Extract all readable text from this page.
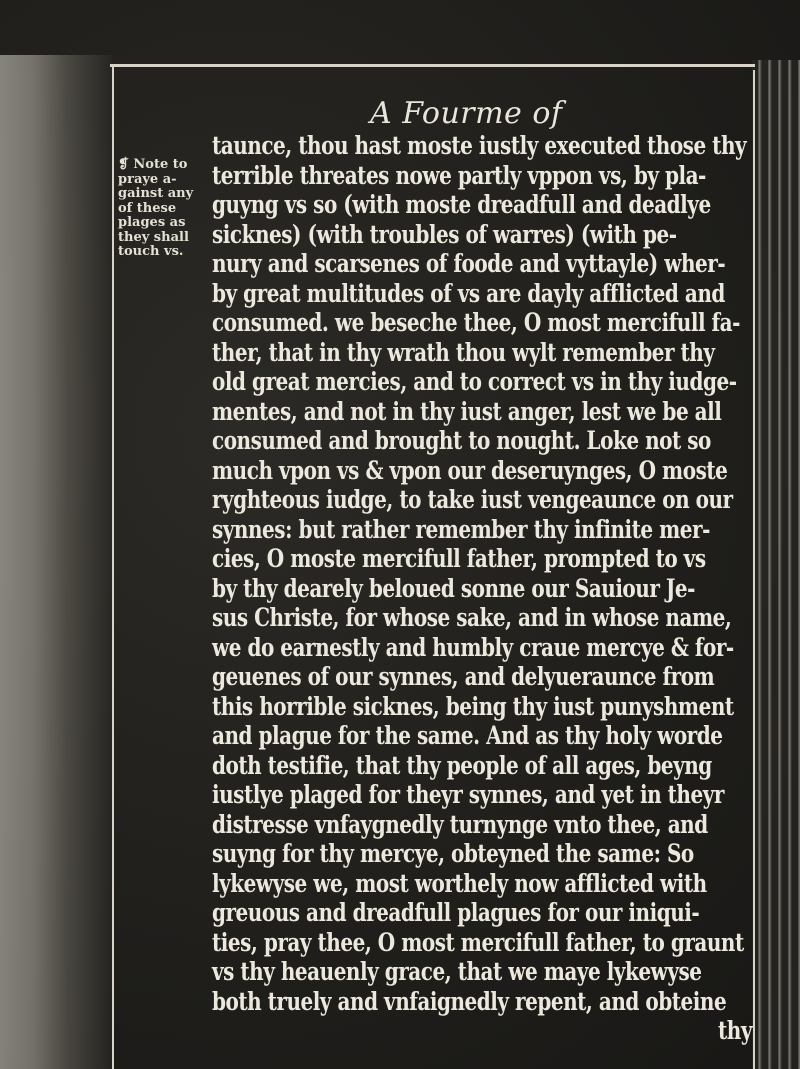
A Fourme of
❡ Note to
praye a-
gainst any
of these
plages as
they shall
touch vs.
taunce, thou hast moste iustly executed those thy
terrible threates nowe partly vppon vs, by pla-
guyng vs so (with moste dreadfull and deadlye
sicknes) (with troubles of warres) (with pe-
nury and scarsenes of foode and vyttayle) wher-
by great multitudes of vs are dayly afflicted and
consumed. we beseche thee, O most mercifull fa-
ther, that in thy wrath thou wylt remember thy
old great mercies, and to correct vs in thy iudge-
mentes, and not in thy iust anger, lest we be all
consumed and brought to nought. Loke not so
much vpon vs & vpon our deseruynges, O moste
ryghteous iudge, to take iust vengeaunce on our
synnes: but rather remember thy infinite mer-
cies, O moste mercifull father, prompted to vs
by thy dearely beloued sonne our Sauiour Je-
sus Christe, for whose sake, and in whose name,
we do earnestly and humbly craue mercye & for-
geuenes of our synnes, and delyueraunce from
this horrible sicknes, being thy iust punyshment
and plague for the same. And as thy holy worde
doth testifie, that thy people of all ages, beyng
iustlye plaged for theyr synnes, and yet in theyr
distresse vnfaygnedly turnynge vnto thee, and
suyng for thy mercye, obteyned the same: So
lykewyse we, most worthely now afflicted with
greuous and dreadfull plagues for our iniqui-
ties, pray thee, O most mercifull father, to graunt
vs thy heauenly grace, that we maye lykewyse
both truely and vnfaignedly repent, and obteine
thy
